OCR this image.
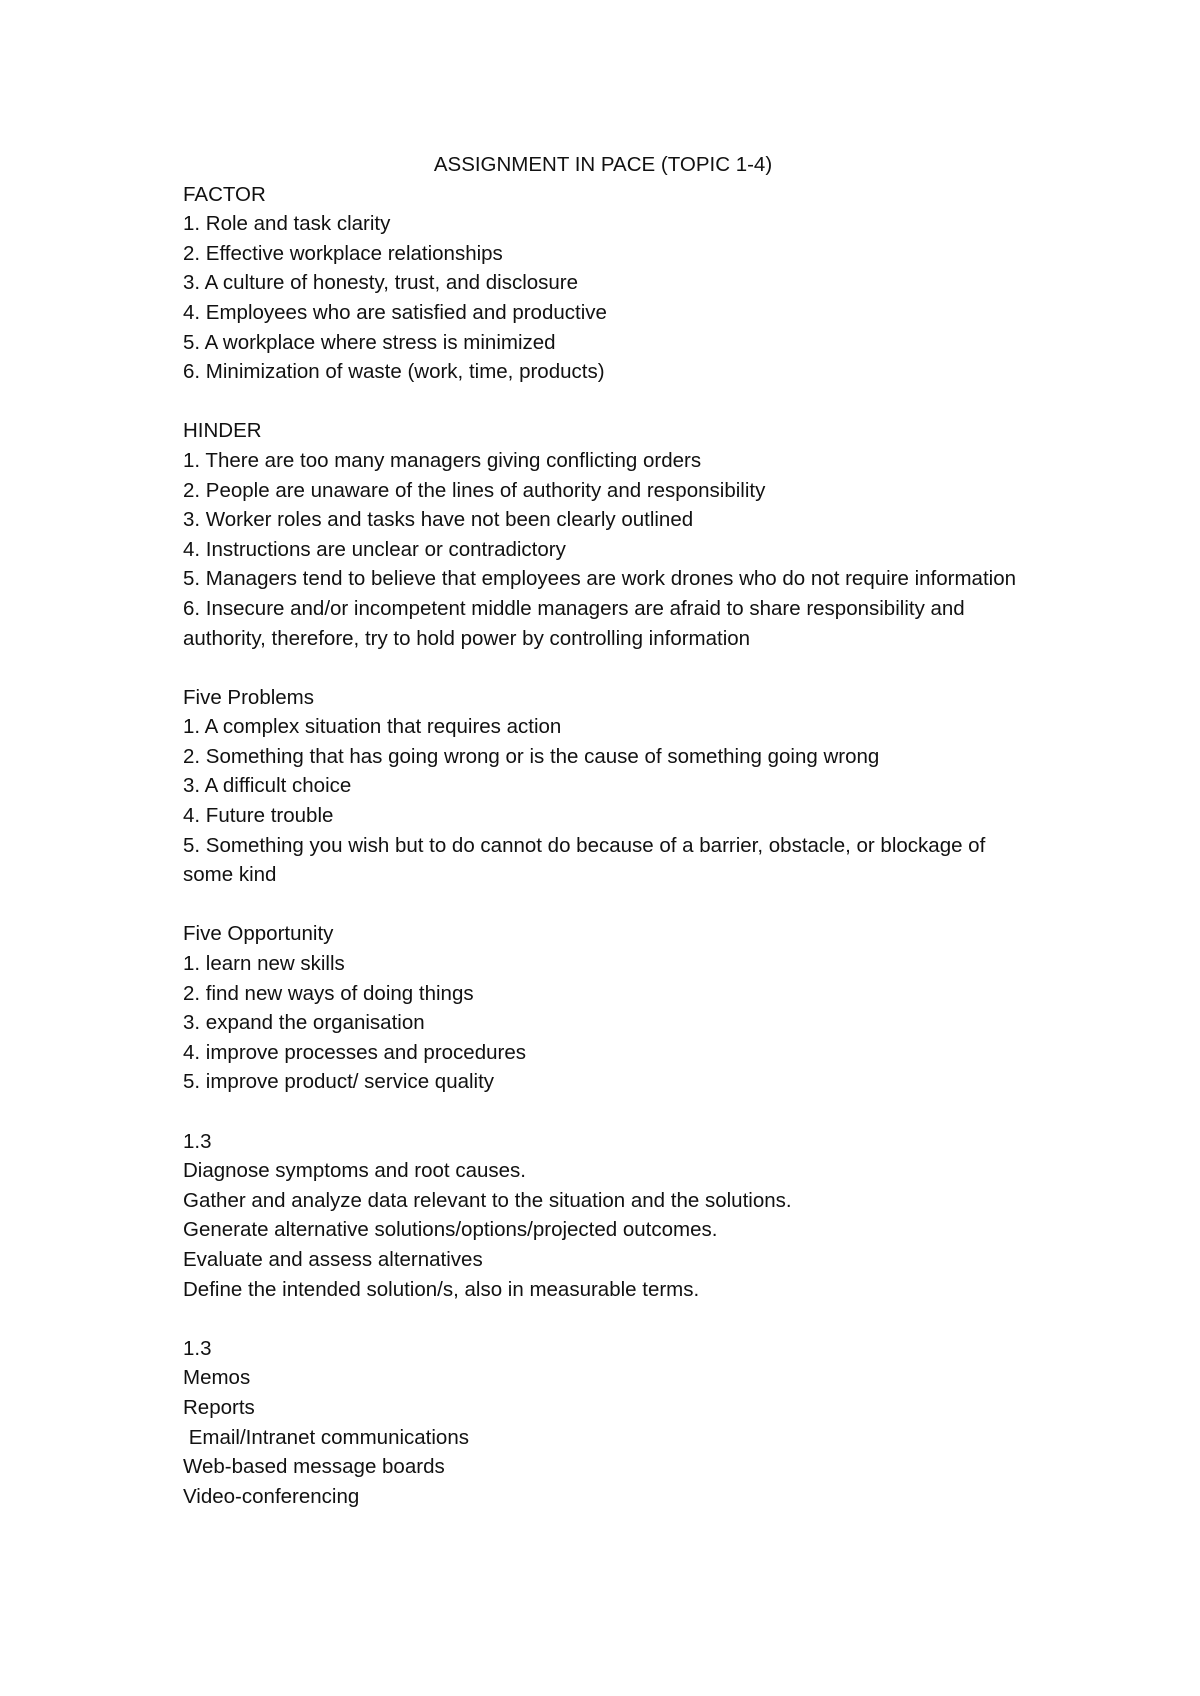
ASSIGNMENT IN PACE (TOPIC 1-4)
FACTOR
1. Role and task clarity
2. Effective workplace relationships
3. A culture of honesty, trust, and disclosure
4. Employees who are satisfied and productive
5. A workplace where stress is minimized
6. Minimization of waste (work, time, products)
HINDER
1. There are too many managers giving conflicting orders
2. People are unaware of the lines of authority and responsibility
3. Worker roles and tasks have not been clearly outlined
4. Instructions are unclear or contradictory
5. Managers tend to believe that employees are work drones who do not require information
6. Insecure and/or incompetent middle managers are afraid to share responsibility and authority, therefore, try to hold power by controlling information
Five Problems
1. A complex situation that requires action
2. Something that has going wrong or is the cause of something going wrong
3. A difficult choice
4. Future trouble
5. Something you wish but to do cannot do because of a barrier, obstacle, or blockage of some kind
Five Opportunity
1. learn new skills
2. find new ways of doing things
3. expand the organisation
4. improve processes and procedures
5. improve product/ service quality
1.3
Diagnose symptoms and root causes.
Gather and analyze data relevant to the situation and the solutions.
Generate alternative solutions/options/projected outcomes.
Evaluate and assess alternatives
Define the intended solution/s, also in measurable terms.
1.3
Memos
Reports
Email/Intranet communications
Web-based message boards
Video-conferencing
